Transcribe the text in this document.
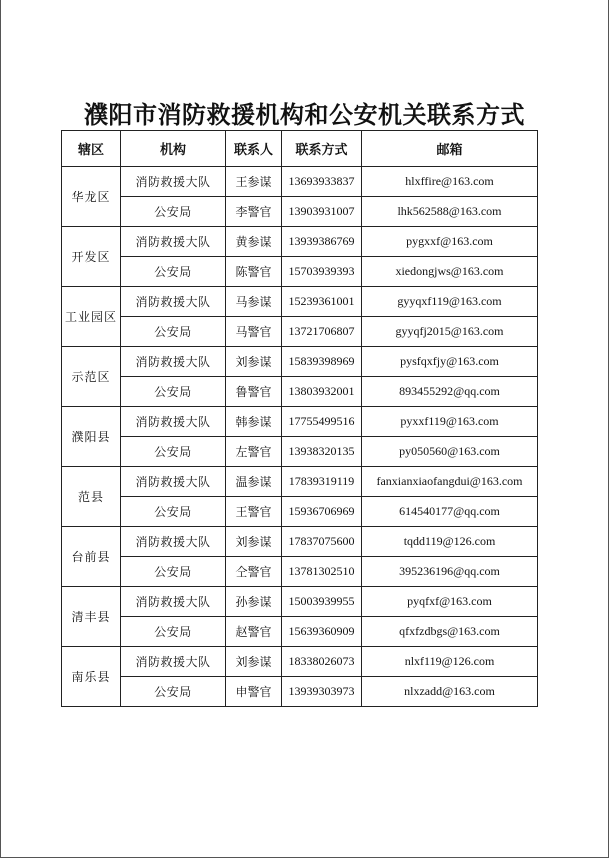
濮阳市消防救援机构和公安机关联系方式
辖区	机构	联系人	联系方式	邮箱
华龙区	消防救援大队	王参谋	13693933837	hlxffire@163.com
	公安局	李警官	13903931007	lhk562588@163.com
开发区	消防救援大队	黄参谋	13939386769	pygxxf@163.com
	公安局	陈警官	15703939393	xiedongjws@163.com
工业园区	消防救援大队	马参谋	15239361001	gyyqxf119@163.com
	公安局	马警官	13721706807	gyyqfj2015@163.com
示范区	消防救援大队	刘参谋	15839398969	pysfqxfjy@163.com
	公安局	鲁警官	13803932001	893455292@qq.com
濮阳县	消防救援大队	韩参谋	17755499516	pyxxf119@163.com
	公安局	左警官	13938320135	py050560@163.com
范县	消防救援大队	温参谋	17839319119	fanxianxiaofangdui@163.com
	公安局	王警官	15936706969	614540177@qq.com
台前县	消防救援大队	刘参谋	17837075600	tqdd119@126.com
	公安局	仝警官	13781302510	395236196@qq.com
清丰县	消防救援大队	孙参谋	15003939955	pyqfxf@163.com
	公安局	赵警官	15639360909	qfxfzdbgs@163.com
南乐县	消防救援大队	刘参谋	18338026073	nlxf119@126.com
	公安局	申警官	13939303973	nlxzadd@163.com
